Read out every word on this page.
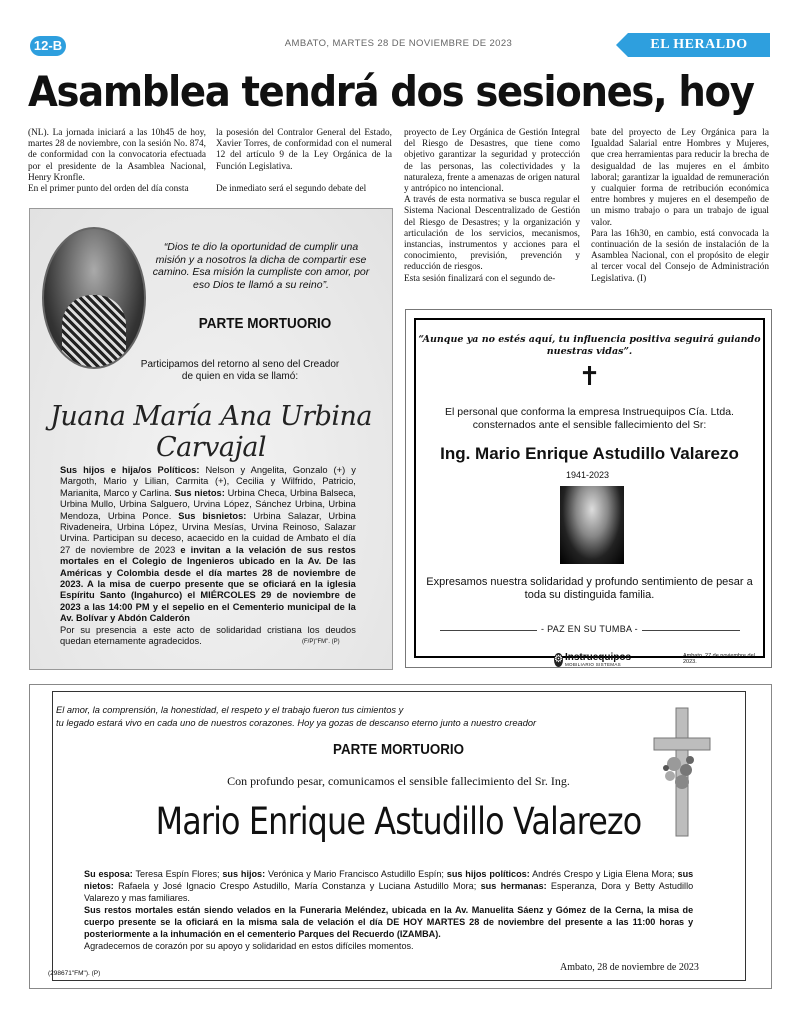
12-B	AMBATO, MARTES 28 DE NOVIEMBRE DE 2023	EL HERALDO
Asamblea tendrá dos sesiones, hoy

(NL). La jornada iniciará a las 10h45 de hoy, martes 28 de noviembre, con la sesión No. 874, de conformidad con la convocatoria efectuada por el presidente de la Asamblea Nacional, Henry Kronfle.

En el primer punto del orden del día consta

la posesión del Contralor General del Estado, Xavier Torres, de conformidad con el numeral 12 del artículo 9 de la Ley Orgánica de la Función Legislativa.

De inmediato será el segundo debate del

proyecto de Ley Orgánica de Gestión Integral del Riesgo de Desastres, que tiene como objetivo garantizar la seguridad y protección de las personas, las colectividades y la naturaleza, frente a amenazas de origen natural y antrópico no intencional.

A través de esta normativa se busca regular el Sistema Nacional Descentralizado de Gestión del Riesgo de Desastres; y la organización y articulación de los servicios, mecanismos, instancias, instrumentos y acciones para el conocimiento, previsión, prevención y reducción de riesgos.

Esta sesión finalizará con el segundo de-

bate del proyecto de Ley Orgánica para la Igualdad Salarial entre Hombres y Mujeres, que crea herramientas para reducir la brecha de desigualdad de las mujeres en el ámbito laboral; garantizar la igualdad de remuneración y cualquier forma de retribución económica entre hombres y mujeres en el desempeño de un mismo trabajo o para un trabajo de igual valor.

Para las 16h30, en cambio, está convocada la continuación de la sesión de instalación de la Asamblea Nacional, con el propósito de elegir al tercer vocal del Consejo de Administración Legislativa. (I)

“Dios te dio la oportunidad de cumplir una misión y a nosotros la dicha de compartir ese camino. Esa misión la cumpliste con amor, por eso Dios te llamó a su reino”.
PARTE MORTUORIO
Participamos del retorno al seno del Creador de quien en vida se llamó:
Juana María Ana Urbina Carvajal
Sus hijos e hija/os Políticos: Nelson y Angelita, Gonzalo (+) y Margoth, Mario y Lilian, Carmita (+), Cecilia y Wilfrido, Patricio, Marianita, Marco y Carlina. Sus nietos: Urbina Checa, Urbina Balseca, Urbina Mullo, Urbina Salguero, Urvina López, Sánchez Urbina, Urbina Mendoza, Urbina Ponce. Sus bisnietos: Urbina Salazar, Urbina Rivadeneira, Urbina López, Urvina Mesías, Urvina Reinoso, Salazar Urvina. Participan su deceso, acaecido en la cuidad de Ambato el día 27 de noviembre de 2023 e invitan a la velación de sus restos mortales en el Colegio de Ingenieros ubicado en la Av. De las Américas y Colombia desde el día martes 28 de noviembre de 2023. A la misa de cuerpo presente que se oficiará en la iglesia Espíritu Santo (Ingahurco) el MIÉRCOLES 29 de noviembre de 2023 a las 14:00 PM y el sepelio en el Cementerio municipal de la Av. Bolívar y Abdón Calderón
Por su presencia a este acto de solidaridad cristiana los deudos quedan eternamente agradecidos.	(F/P)"FM". (P)
“Aunque ya no estés aquí, tu influencia positiva seguirá guiando nuestras vidas”.
✝
El personal que conforma la empresa Instruequipos Cía. Ltda. consternados ante el sensible fallecimiento del Sr:
Ing. Mario Enrique Astudillo Valarezo
1941-2023
Expresamos nuestra solidaridad y profundo sentimiento de pesar a toda su distinguida familia.
- PAZ EN SU TUMBA -
⚙ Instruequipos
MOBILIARIO SISTEMAS
Ambato, 27 de noviembre del 2023.
El amor, la comprensión, la honestidad, el respeto y el trabajo fueron tus cimientos y
tu legado estará vivo en cada uno de nuestros corazones. Hoy ya gozas de descanso eterno junto a nuestro creador
PARTE MORTUORIO
Con profundo pesar, comunicamos el sensible fallecimiento del Sr. Ing.
Mario Enrique Astudillo Valarezo
Su esposa: Teresa Espín Flores; sus hijos: Verónica y Mario Francisco Astudillo Espín; sus hijos políticos: Andrés Crespo y Ligia Elena Mora; sus nietos: Rafaela y José Ignacio Crespo Astudillo, María Constanza y Luciana Astudillo Mora; sus hermanas: Esperanza, Dora y Betty Astudillo Valarezo y mas familiares.
Sus restos mortales están siendo velados en la Funeraria Meléndez, ubicada en la Av. Manuelita Sáenz y Gómez de la Cerna, la misa de cuerpo presente se la oficiará en la misma sala de velación el día DE HOY MARTES 28 de noviembre del presente a las 11:00 horas y posteriormente a la inhumación en el cementerio Parques del Recuerdo (IZAMBA).
Agradecemos de corazón por su apoyo y solidaridad en estos difíciles momentos.
Ambato, 28 de noviembre de 2023
(298671"FM"). (P)
